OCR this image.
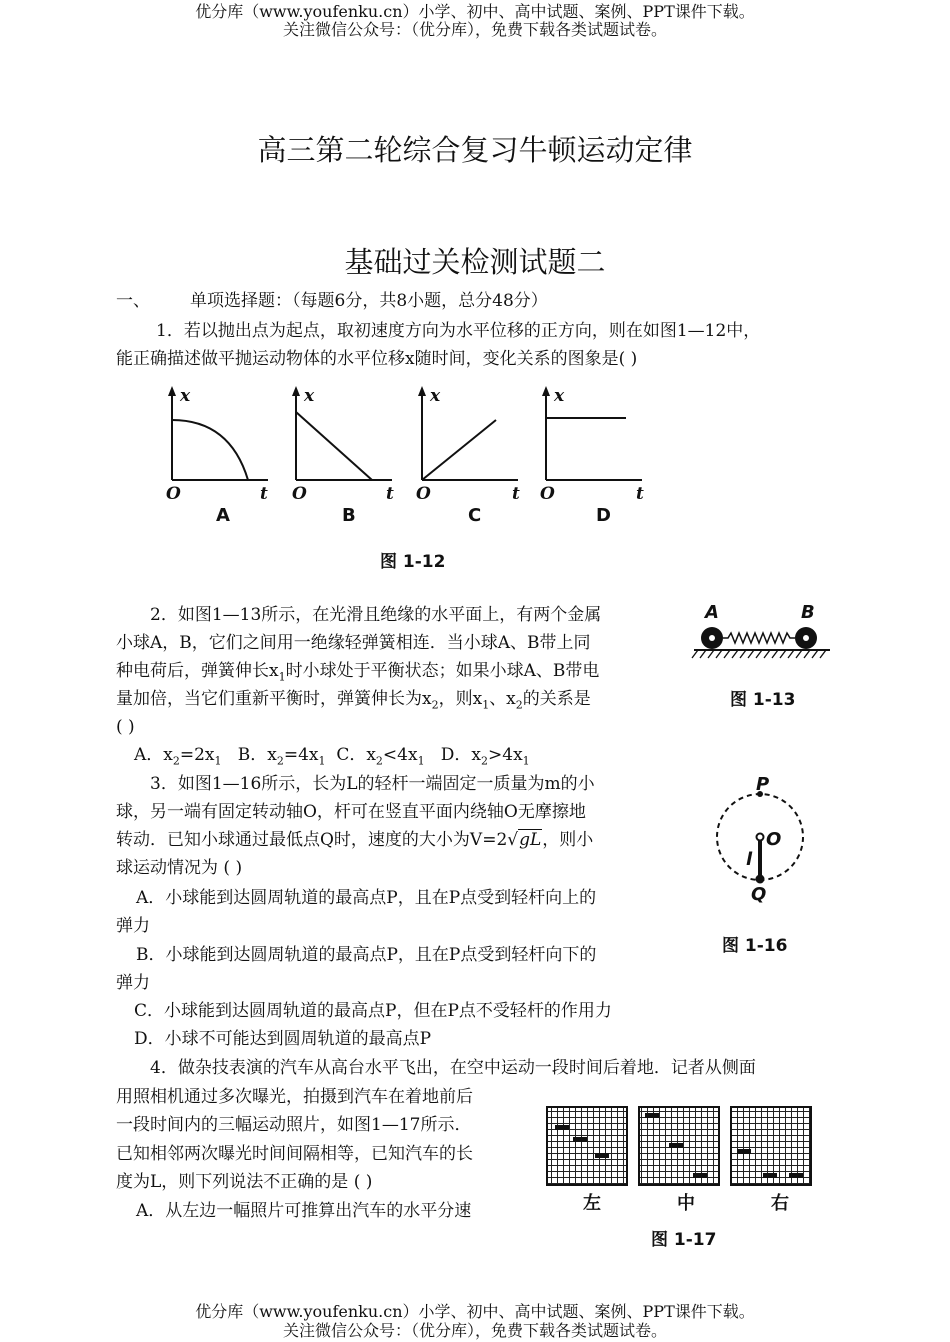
优分库（www.youfenku.cn）小学、初中、高中试题、案例、PPT课件下载。
关注微信公众号：（优分库），免费下载各类试题试卷。
高三第二轮综合复习牛顿运动定律
基础过关检测试题二
一、 单项选择题：（每题6分，共8小题，总分48分）
1．若以抛出点为起点，取初速度方向为水平位移的正方向，则在如图1—12中，
能正确描述做平抛运动物体的水平位移x随时间，变化关系的图象是( )
x	x	x	x
O	t O	t O	t O	t
A	B	C	D
图 1-12
2．如图1—13所示，在光滑且绝缘的水平面上，有两个金属
小球A，B，它们之间用一绝缘轻弹簧相连．当小球A、B带上同
种电荷后，弹簧伸长$x_1$时小球处于平衡状态；如果小球A、B带电
量加倍，当它们重新平衡时，弹簧伸长为$x_2$，则$x_1$、$x_2$的关系是
( )
A．$x_2=2x_1$ B．$x_2=4x_1$ C．$x_2<4x_1$ D．$x_2>4x_1$
A	B
图 1-13
3．如图1—16所示，长为L的轻杆一端固定一质量为m的小
球，另一端有固定转动轴O，杆可在竖直平面内绕轴O无摩擦地
转动．已知小球通过最低点Q时，速度的大小为V=2√gL，则小
球运动情况为 ( )
A．小球能到达圆周轨道的最高点P，且在P点受到轻杆向上的
弹力
B．小球能到达圆周轨道的最高点P，且在P点受到轻杆向下的
弹力
C．小球能到达圆周轨道的最高点P，但在P点不受轻杆的作用力
D．小球不可能达到圆周轨道的最高点P
P
O
l
Q
图 1-16
4．做杂技表演的汽车从高台水平飞出，在空中运动一段时间后着地．记者从侧面
用照相机通过多次曝光，拍摄到汽车在着地前后
一段时间内的三幅运动照片，如图1—17所示．
已知相邻两次曝光时间间隔相等，已知汽车的长
度为L，则下列说法不正确的是 ( )
A．从左边一幅照片可推算出汽车的水平分速	左	中	右
图 1-17
优分库（www.youfenku.cn）小学、初中、高中试题、案例、PPT课件下载。
关注微信公众号：（优分库），免费下载各类试题试卷。
